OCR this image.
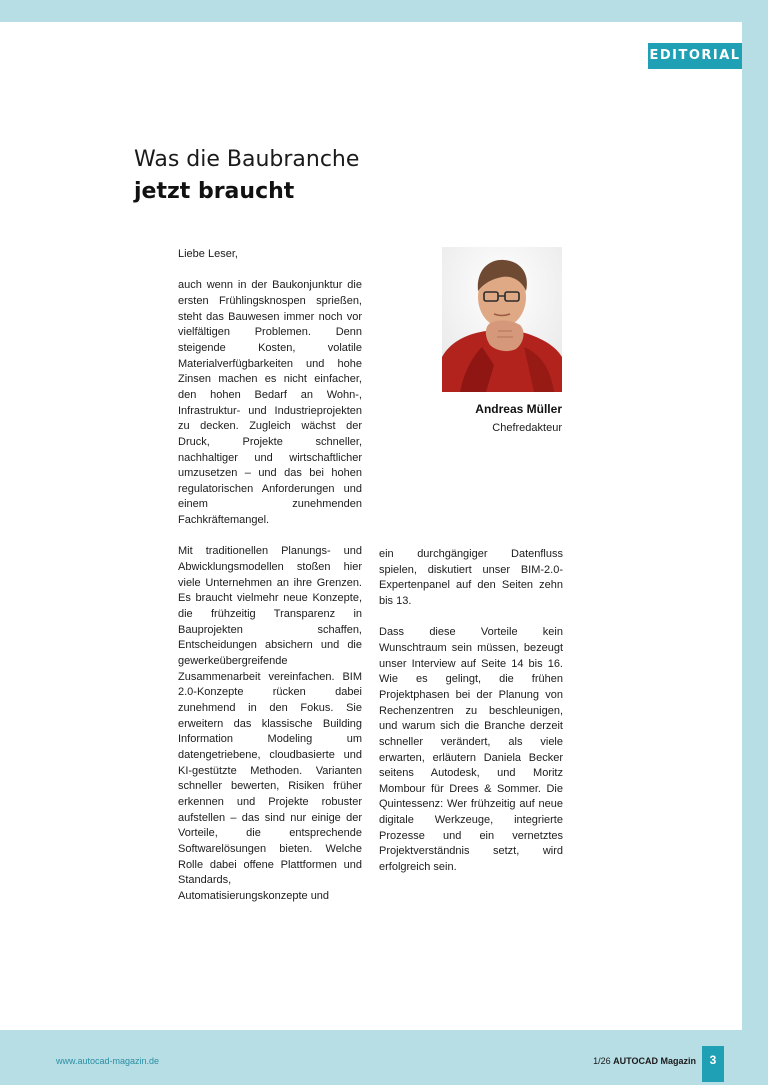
EDITORIAL
Was die Baubranche
jetzt braucht

Liebe Leser,

auch wenn in der Baukonjunktur die ersten Frühlingsknospen sprießen, steht das Bauwesen immer noch vor vielfältigen Problemen. Denn steigende Kosten, volatile Materialverfügbarkeiten und hohe Zinsen machen es nicht einfacher, den hohen Bedarf an Wohn-, Infrastruktur- und Industrieprojekten zu decken. Zugleich wächst der Druck, Projekte schneller, nachhaltiger und wirtschaftlicher umzusetzen – und das bei hohen regulatorischen Anforderungen und einem zunehmenden Fachkräftemangel.

Mit traditionellen Planungs- und Abwicklungsmodellen stoßen hier viele Unternehmen an ihre Grenzen. Es braucht vielmehr neue Konzepte, die frühzeitig Transparenz in Bauprojekten schaffen, Entscheidungen absichern und die gewerkeübergreifende Zusammenarbeit vereinfachen. BIM 2.0-Konzepte rücken dabei zunehmend in den Fokus. Sie erweitern das klassische Building Information Modeling um datengetriebene, cloudbasierte und KI-gestützte Methoden. Varianten schneller bewerten, Risiken früher erkennen und Projekte robuster aufstellen – das sind nur einige der Vorteile, die entsprechende Softwarelösungen bieten. Welche Rolle dabei offene Plattformen und Standards, Automatisierungskonzepte und

ein durchgängiger Datenfluss spielen, diskutiert unser BIM-2.0-Expertenpanel auf den Seiten zehn bis 13.

Dass diese Vorteile kein Wunschtraum sein müssen, bezeugt unser Interview auf Seite 14 bis 16. Wie es gelingt, die frühen Projektphasen bei der Planung von Rechenzentren zu beschleunigen, und warum sich die Branche derzeit schneller verändert, als viele erwarten, erläutern Daniela Becker seitens Autodesk, und Moritz Mombour für Drees & Sommer. Die Quintessenz: Wer frühzeitig auf neue digitale Werkzeuge, integrierte Prozesse und ein vernetztes Projektverständnis setzt, wird erfolgreich sein.

Andreas Müller
Chefredakteur
www.autocad-magazin.de	1/26 AUTOCAD Magazin	3
